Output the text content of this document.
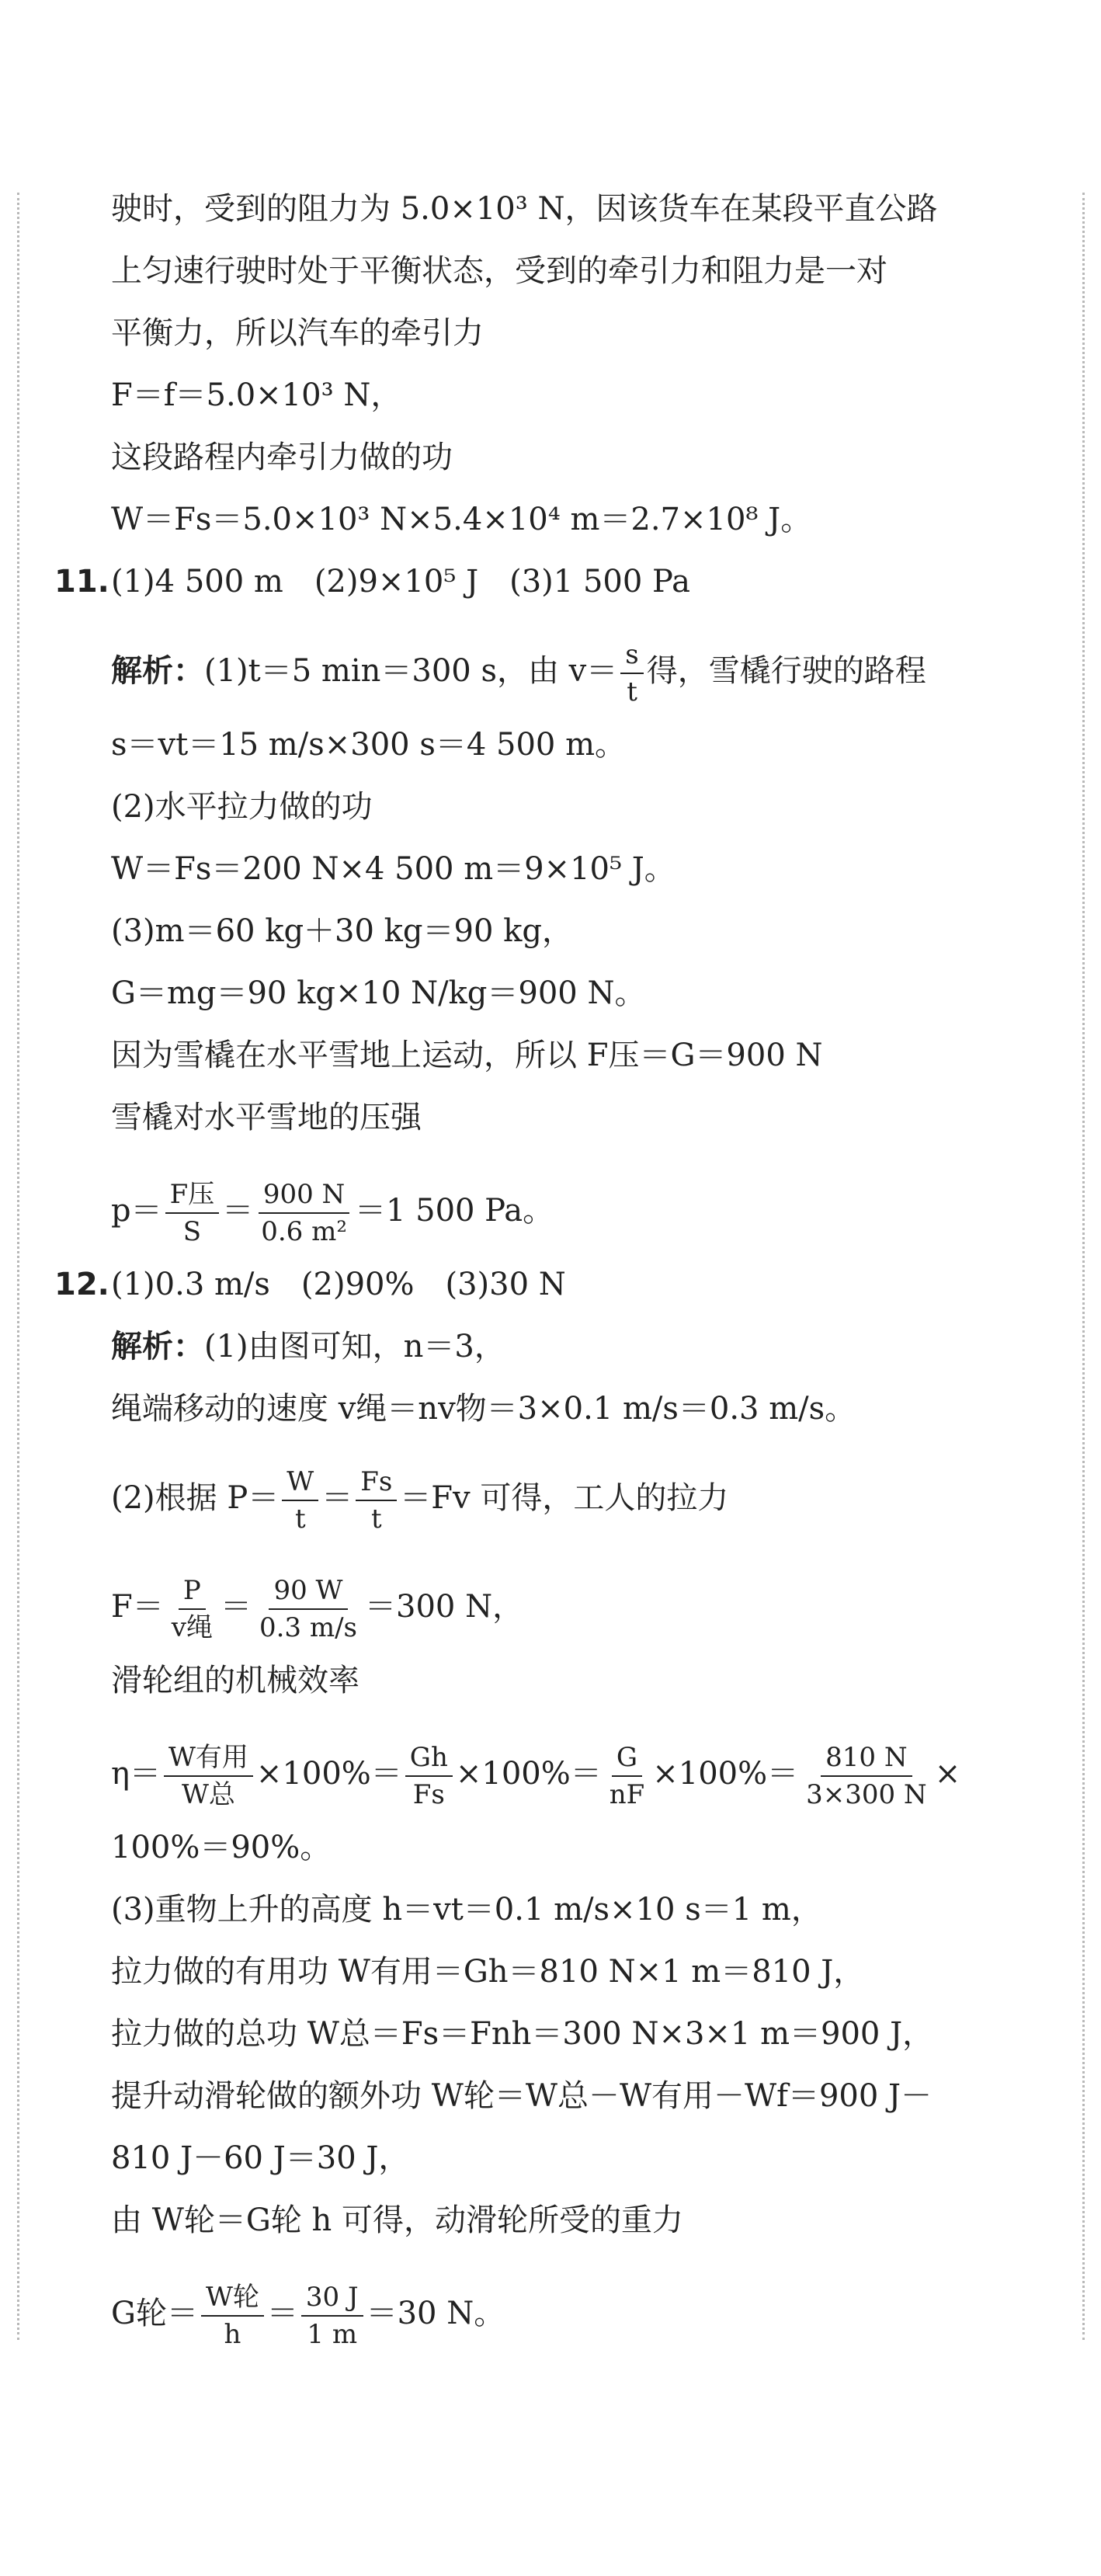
驶时，受到的阻力为 5.0×10³ N，因该货车在某段平直公路
上匀速行驶时处于平衡状态，受到的牵引力和阻力是一对
平衡力，所以汽车的牵引力
F＝f＝5.0×10³ N，
这段路程内牵引力做的功
W＝Fs＝5.0×10³ N×5.4×10⁴ m＝2.7×10⁸ J。
11. (1)4 500 m　(2)9×10⁵ J　(3)1 500 Pa
解析：(1)t＝5 min＝300 s，由 $v= \frac{s}{t}$ 得，雪橇行驶的路程
s＝vt＝15 m/s×300 s＝4 500 m。
(2)水平拉力做的功
W＝Fs＝200 N×4 500 m＝9×10⁵ J。
(3)m＝60 kg＋30 kg＝90 kg，
G＝mg＝90 kg×10 N/kg＝900 N。
因为雪橇在水平雪地上运动，所以 F压＝G＝900 N
雪橇对水平雪地的压强
$p= \frac{\text{F压}}{S} = \frac{900 N}{\text{0.6 m²}} =1$ 500 Pa。
12. (1)0.3 m/s　(2)90%　(3)30 N
解析：(1)由图可知，n＝3，
绳端移动的速度 v绳＝nv物＝3×0.1 m/s＝0.3 m/s。
(2)根据 $P= \frac{W}{t} = \frac{Fs}{t} =Fv$ 可得，工人的拉力
$F= \frac{P}{\text{v绳}} = \frac{90 W}{0.3 m/s} =300$ N，
滑轮组的机械效率
$\eta= \frac{\text{W有用}}{\text{W总}} \times 100\%= \frac{Gh}{Fs} \times 100\%= \frac{G}{nF} \times 100\%= \frac{810 N}{3\times 300 N}$ ×
100%＝90%。
(3)重物上升的高度 h＝vt＝0.1 m/s×10 s＝1 m，
拉力做的有用功 W有用＝Gh＝810 N×1 m＝810 J，
拉力做的总功 W总＝Fs＝Fnh＝300 N×3×1 m＝900 J，
提升动滑轮做的额外功 W轮＝W总－W有用－Wf＝900 J－
810 J－60 J＝30 J，
由 W轮＝G轮 h 可得，动滑轮所受的重力
G轮＝ $\frac{\text{W轮}}{h} = \frac{30 J}{1 m} =30$ N。
